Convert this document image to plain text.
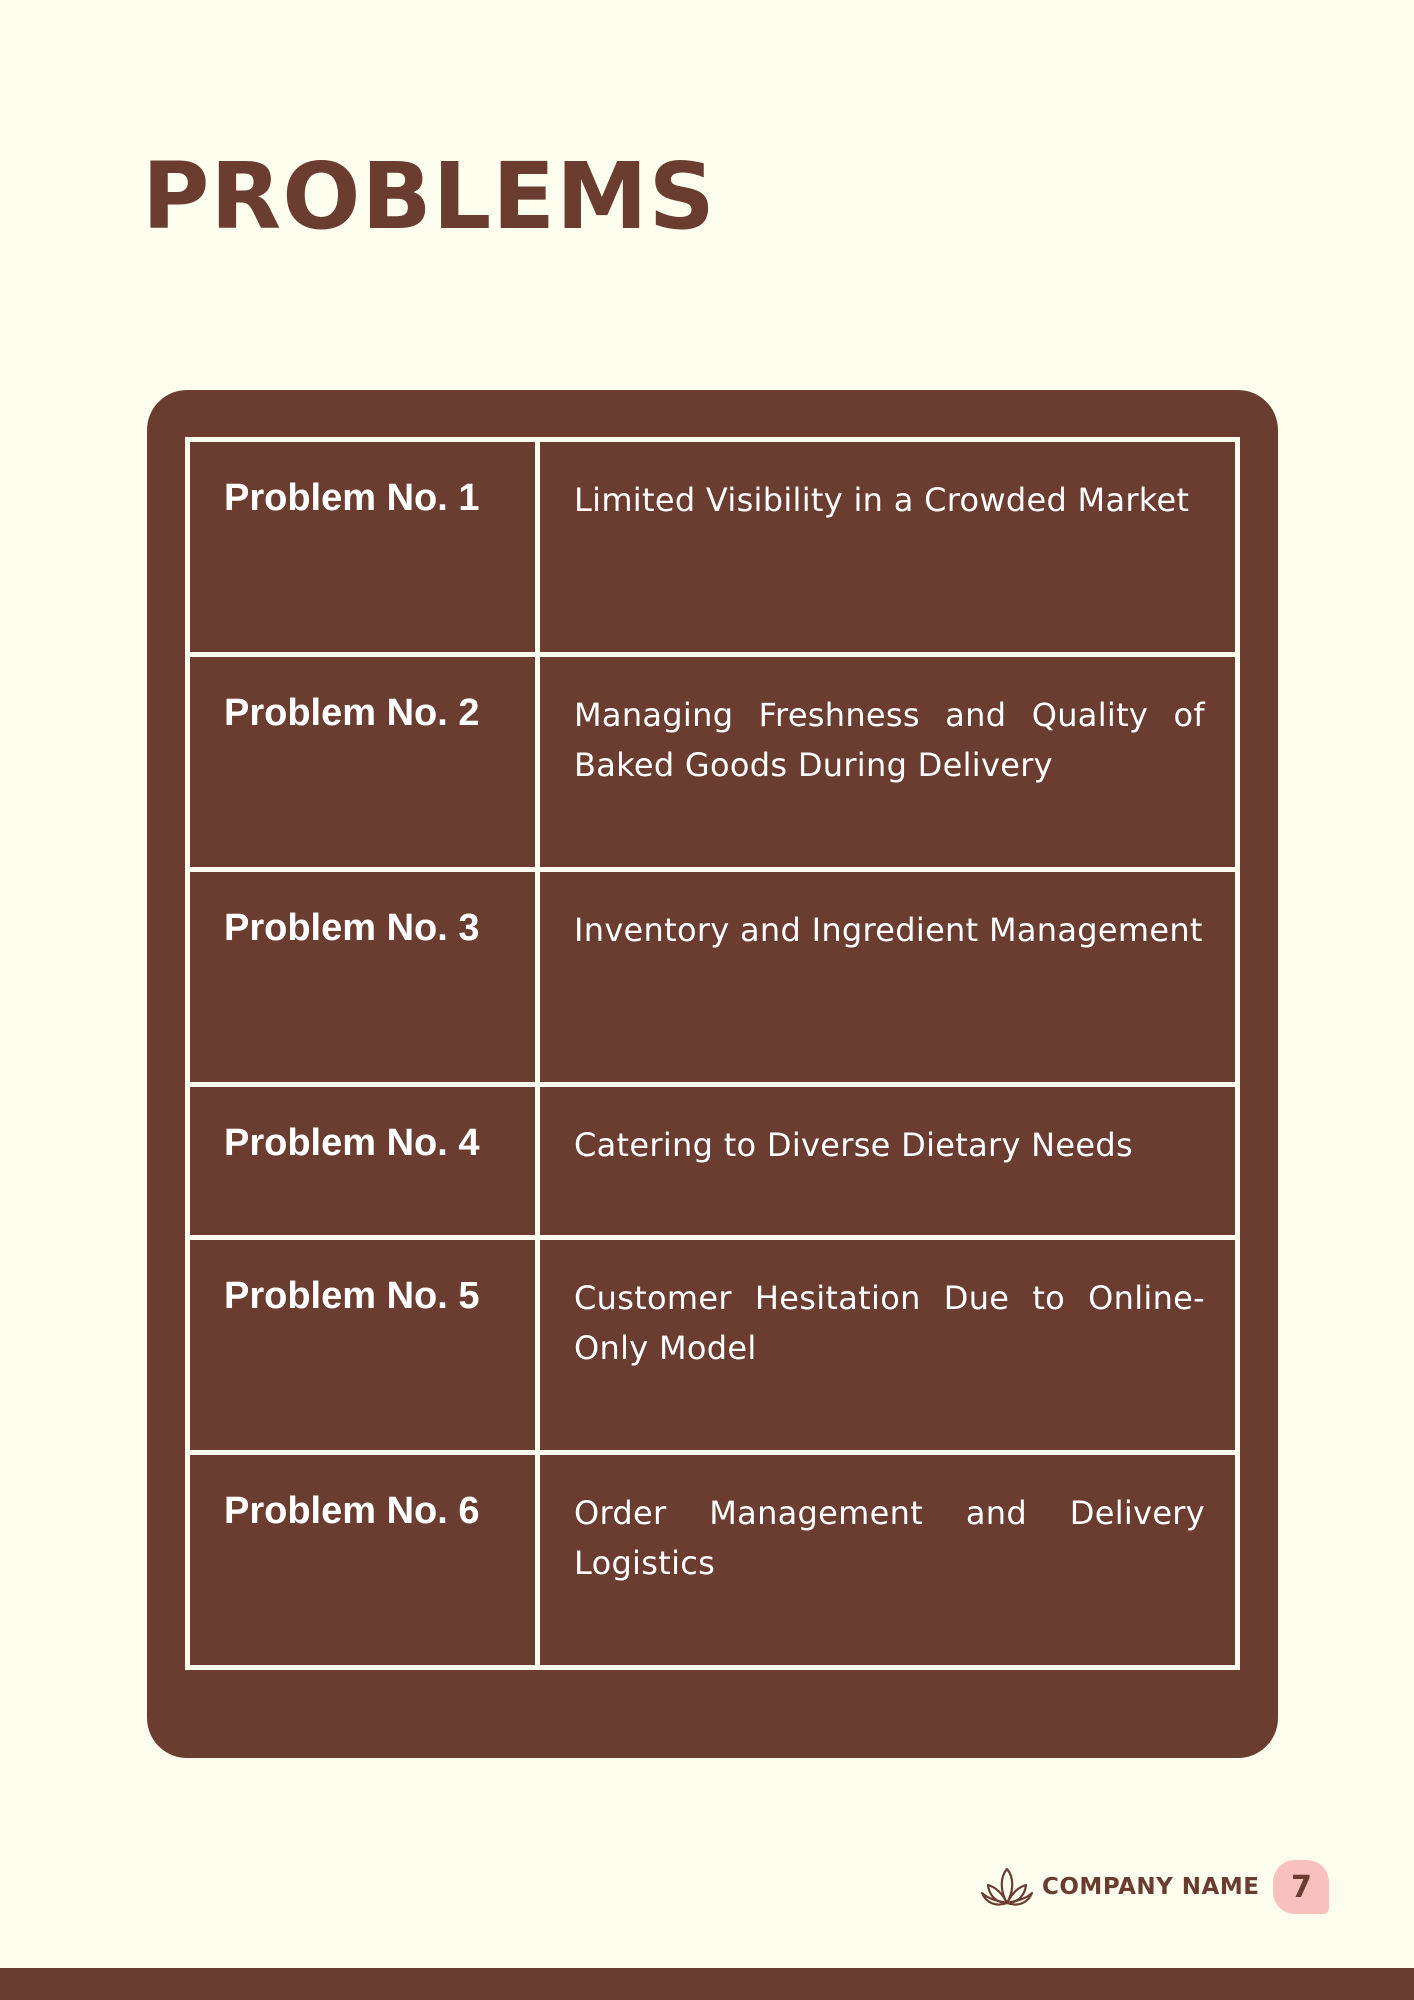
PROBLEMS
Problem No. 1	Limited Visibility in a Crowded Market

Problem No. 2	Managing Freshness and Quality of Baked Goods During Delivery

Problem No. 3	Inventory and Ingredient Management

Problem No. 4	Catering to Diverse Dietary Needs

Problem No. 5	Customer Hesitation Due to Online-Only Model

Problem No. 6	Order Management and Delivery Logistics
COMPANY NAME	7
